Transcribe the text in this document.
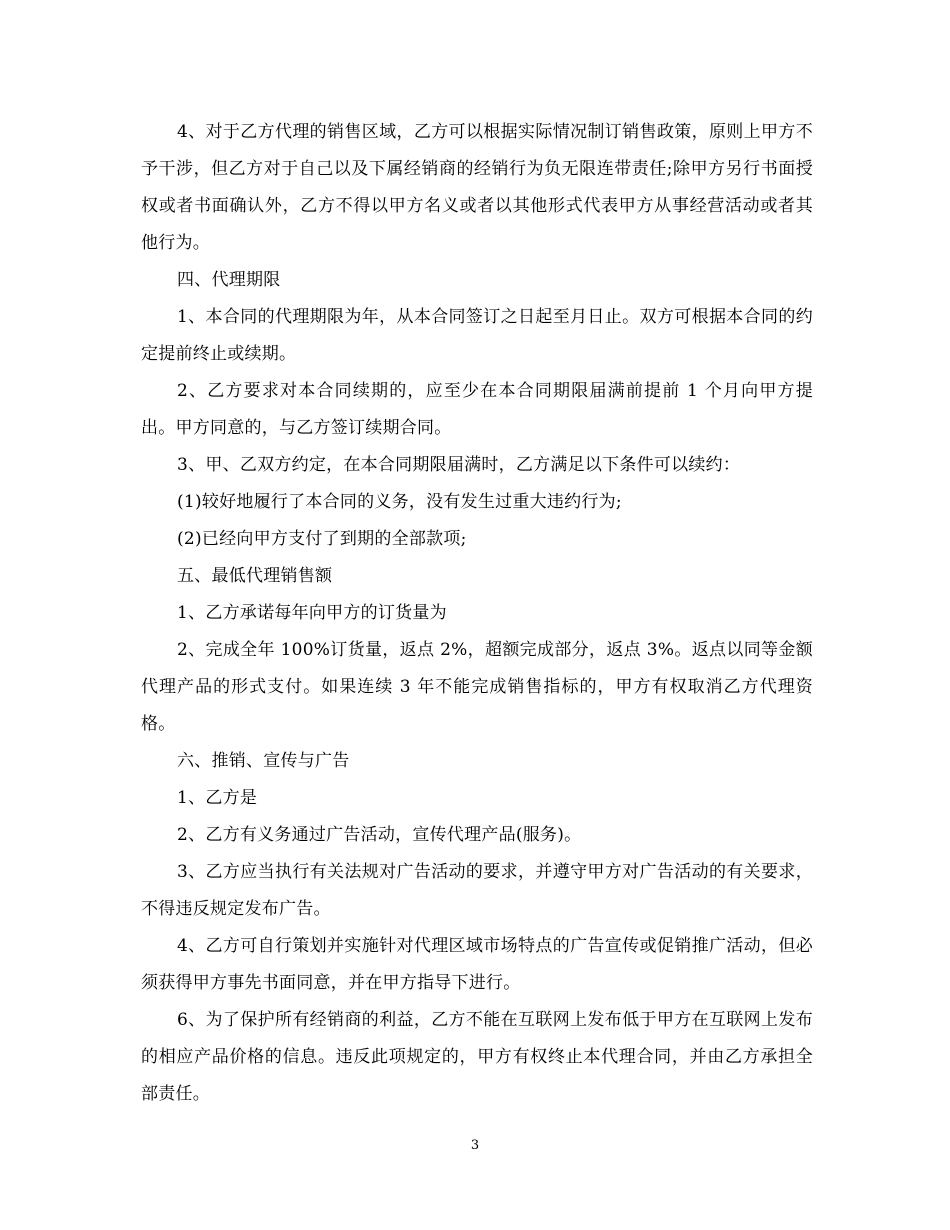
4、对于乙方代理的销售区域，乙方可以根据实际情况制订销售政策，原则上甲方不予干涉，但乙方对于自己以及下属经销商的经销行为负无限连带责任;除甲方另行书面授权或者书面确认外，乙方不得以甲方名义或者以其他形式代表甲方从事经营活动或者其他行为。

四、代理期限

1、本合同的代理期限为年，从本合同签订之日起至月日止。双方可根据本合同的约定提前终止或续期。

2、乙方要求对本合同续期的，应至少在本合同期限届满前提前 1 个月向甲方提出。甲方同意的，与乙方签订续期合同。

3、甲、乙双方约定，在本合同期限届满时，乙方满足以下条件可以续约：

(1)较好地履行了本合同的义务，没有发生过重大违约行为;

(2)已经向甲方支付了到期的全部款项;

五、最低代理销售额

1、乙方承诺每年向甲方的订货量为

2、完成全年 100%订货量，返点 2%，超额完成部分，返点 3%。返点以同等金额代理产品的形式支付。如果连续 3 年不能完成销售指标的，甲方有权取消乙方代理资格。

六、推销、宣传与广告

1、乙方是

2、乙方有义务通过广告活动，宣传代理产品(服务)。

3、乙方应当执行有关法规对广告活动的要求，并遵守甲方对广告活动的有关要求，不得违反规定发布广告。

4、乙方可自行策划并实施针对代理区域市场特点的广告宣传或促销推广活动，但必须获得甲方事先书面同意，并在甲方指导下进行。

6、为了保护所有经销商的利益，乙方不能在互联网上发布低于甲方在互联网上发布的相应产品价格的信息。违反此项规定的，甲方有权终止本代理合同，并由乙方承担全部责任。

3
